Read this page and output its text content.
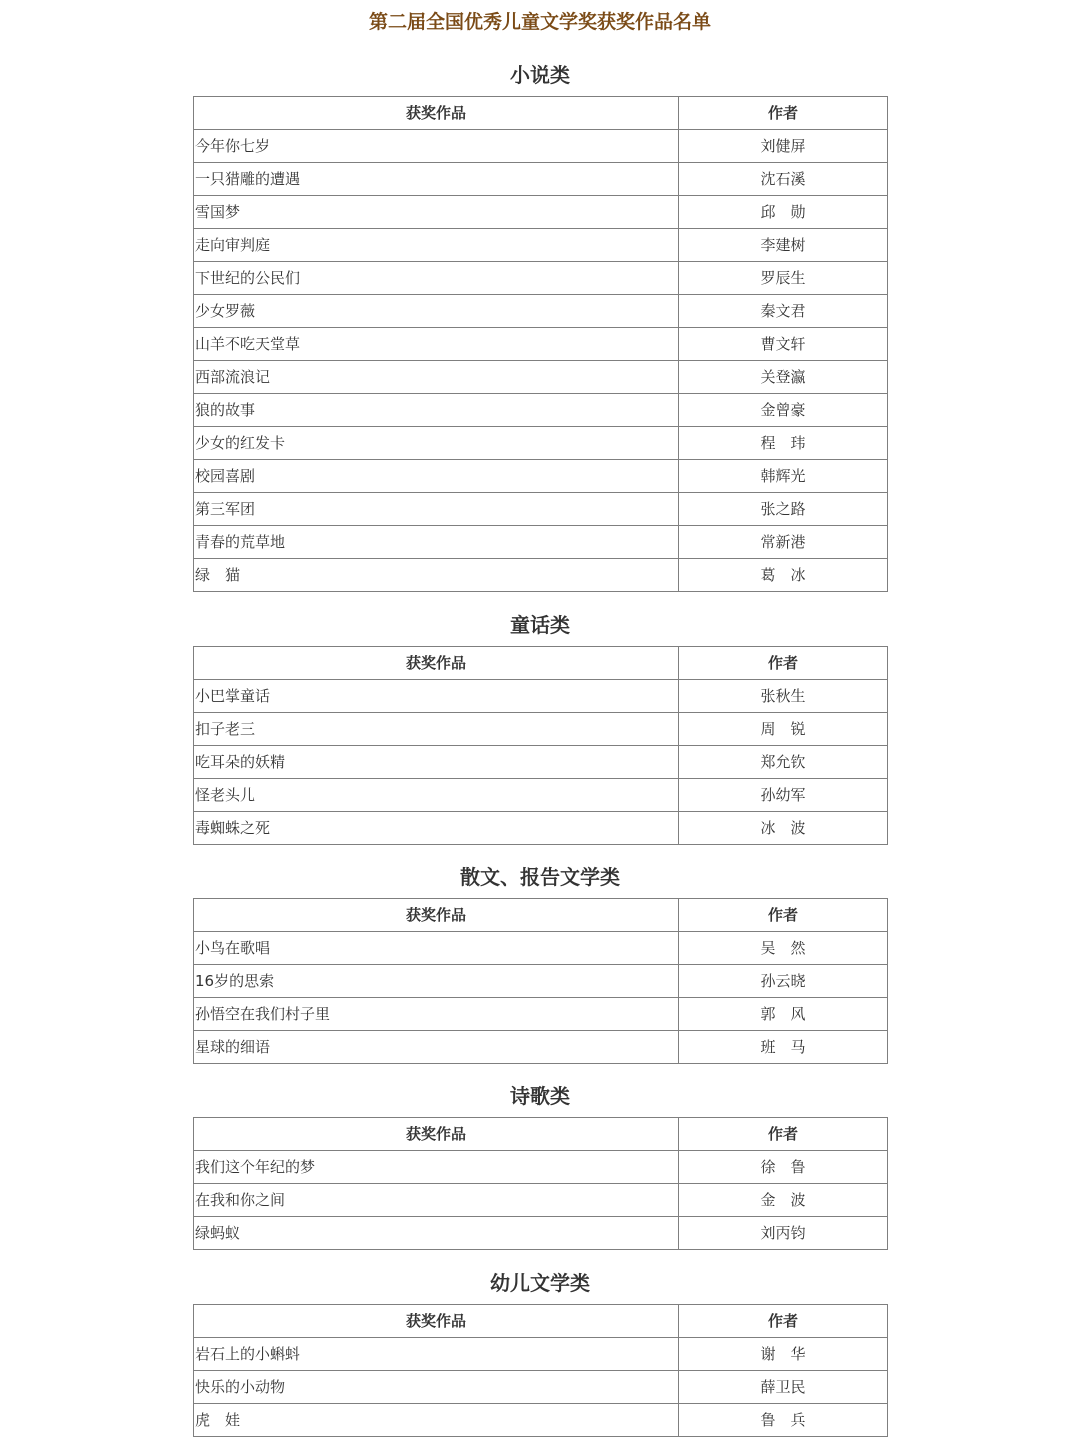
第二届全国优秀儿童文学奖获奖作品名单
小说类
获奖作品	作者
今年你七岁	刘健屏
一只猎雕的遭遇	沈石溪
雪国梦	邱　勋
走向审判庭	李建树
下世纪的公民们	罗辰生
少女罗薇	秦文君
山羊不吃天堂草	曹文轩
西部流浪记	关登瀛
狼的故事	金曾豪
少女的红发卡	程　玮
校园喜剧	韩辉光
第三军团	张之路
青春的荒草地	常新港
绿　猫	葛　冰
童话类
获奖作品	作者
小巴掌童话	张秋生
扣子老三	周　锐
吃耳朵的妖精	郑允钦
怪老头儿	孙幼军
毒蜘蛛之死	冰　波
散文、报告文学类
获奖作品	作者
小鸟在歌唱	吴　然
16岁的思索	孙云晓
孙悟空在我们村子里	郭　风
星球的细语	班　马
诗歌类
获奖作品	作者
我们这个年纪的梦	徐　鲁
在我和你之间	金　波
绿蚂蚁	刘丙钧
幼儿文学类
获奖作品	作者
岩石上的小蝌蚪	谢　华
快乐的小动物	薛卫民
虎　娃	鲁　兵
